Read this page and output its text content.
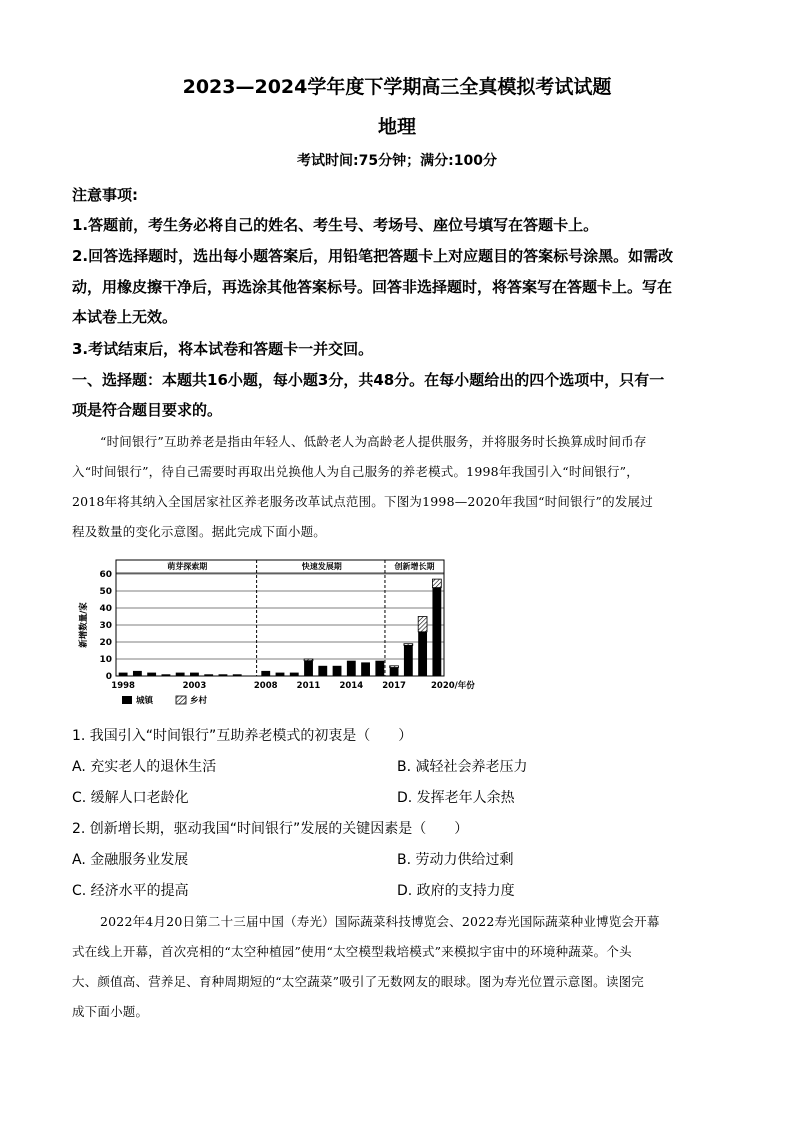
2023—2024学年度下学期高三全真模拟考试试题
地理
考试时间:75分钟；满分:100分
注意事项:
1.答题前，考生务必将自己的姓名、考生号、考场号、座位号填写在答题卡上。
2.回答选择题时，选出每小题答案后，用铅笔把答题卡上对应题目的答案标号涂黑。如需改
动，用橡皮擦干净后，再选涂其他答案标号。回答非选择题时，将答案写在答题卡上。写在
本试卷上无效。
3.考试结束后，将本试卷和答题卡一并交回。
一、选择题：本题共16小题，每小题3分，共48分。在每小题给出的四个选项中，只有一
项是符合题目要求的。
“时间银行”互助养老是指由年轻人、低龄老人为高龄老人提供服务，并将服务时长换算成时间币存
入“时间银行”，待自己需要时再取出兑换他人为自己服务的养老模式。1998年我国引入“时间银行”，
2018年将其纳入全国居家社区养老服务改革试点范围。下图为1998—2020年我国“时间银行”的发展过
程及数量的变化示意图。据此完成下面小题。
0
10
20
30
40
50
60
新增数量/家
萌芽探索期	快速发展期	创新增长期
1998	2003	2008 2011 2014 2017	2020/年份
城镇	乡村
1. 我国引入“时间银行”互助养老模式的初衷是（　　）
A. 充实老人的退休生活	B. 减轻社会养老压力
C. 缓解人口老龄化	D. 发挥老年人余热
2. 创新增长期，驱动我国“时间银行”发展的关键因素是（　　）
A. 金融服务业发展	B. 劳动力供给过剩
C. 经济水平的提高	D. 政府的支持力度
2022年4月20日第二十三届中国（寿光）国际蔬菜科技博览会、2022寿光国际蔬菜种业博览会开幕
式在线上开幕，首次亮相的“太空种植园”使用“太空模型栽培模式”来模拟宇宙中的环境种蔬菜。个头
大、颜值高、营养足、育种周期短的“太空蔬菜”吸引了无数网友的眼球。图为寿光位置示意图。读图完
成下面小题。
